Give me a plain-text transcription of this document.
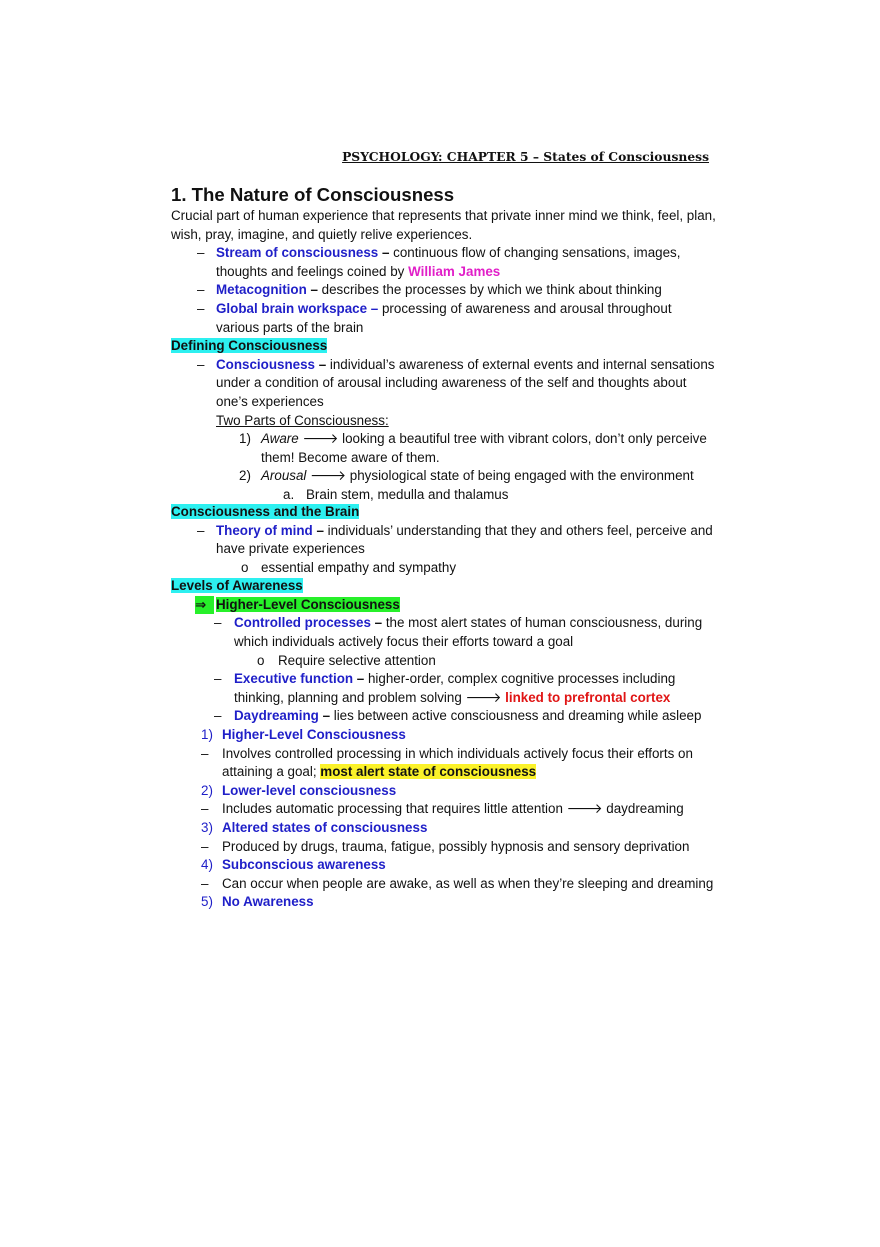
PSYCHOLOGY: CHAPTER 5 – States of Consciousness
1. The Nature of Consciousness

Crucial part of human experience that represents that private inner mind we think, feel, plan, wish, pray, imagine, and quietly relive experiences.

– Stream of consciousness – continuous flow of changing sensations, images, thoughts and feelings coined by William James
– Metacognition – describes the processes by which we think about thinking
– Global brain workspace – processing of awareness and arousal throughout various parts of the brain
Defining Consciousness
– Consciousness – individual’s awareness of external events and internal sensations under a condition of arousal including awareness of the self and thoughts about one’s experiences
Two Parts of Consciousness:
1) Aware 🡒 looking a beautiful tree with vibrant colors, don’t only perceive them! Become aware of them.
2) Arousal 🡒 physiological state of being engaged with the environment
a. Brain stem, medulla and thalamus
Consciousness and the Brain
– Theory of mind – individuals’ understanding that they and others feel, perceive and have private experiences
o essential empathy and sympathy
Levels of Awareness
⇒ Higher-Level Consciousness
– Controlled processes – the most alert states of human consciousness, during which individuals actively focus their efforts toward a goal
o Require selective attention
– Executive function – higher-order, complex cognitive processes including thinking, planning and problem solving 🡒 linked to prefrontal cortex
– Daydreaming – lies between active consciousness and dreaming while asleep
1) Higher-Level Consciousness
– Involves controlled processing in which individuals actively focus their efforts on attaining a goal; most alert state of consciousness
2) Lower-level consciousness
– Includes automatic processing that requires little attention 🡒 daydreaming
3) Altered states of consciousness
– Produced by drugs, trauma, fatigue, possibly hypnosis and sensory deprivation
4) Subconscious awareness
– Can occur when people are awake, as well as when they’re sleeping and dreaming
5) No Awareness
